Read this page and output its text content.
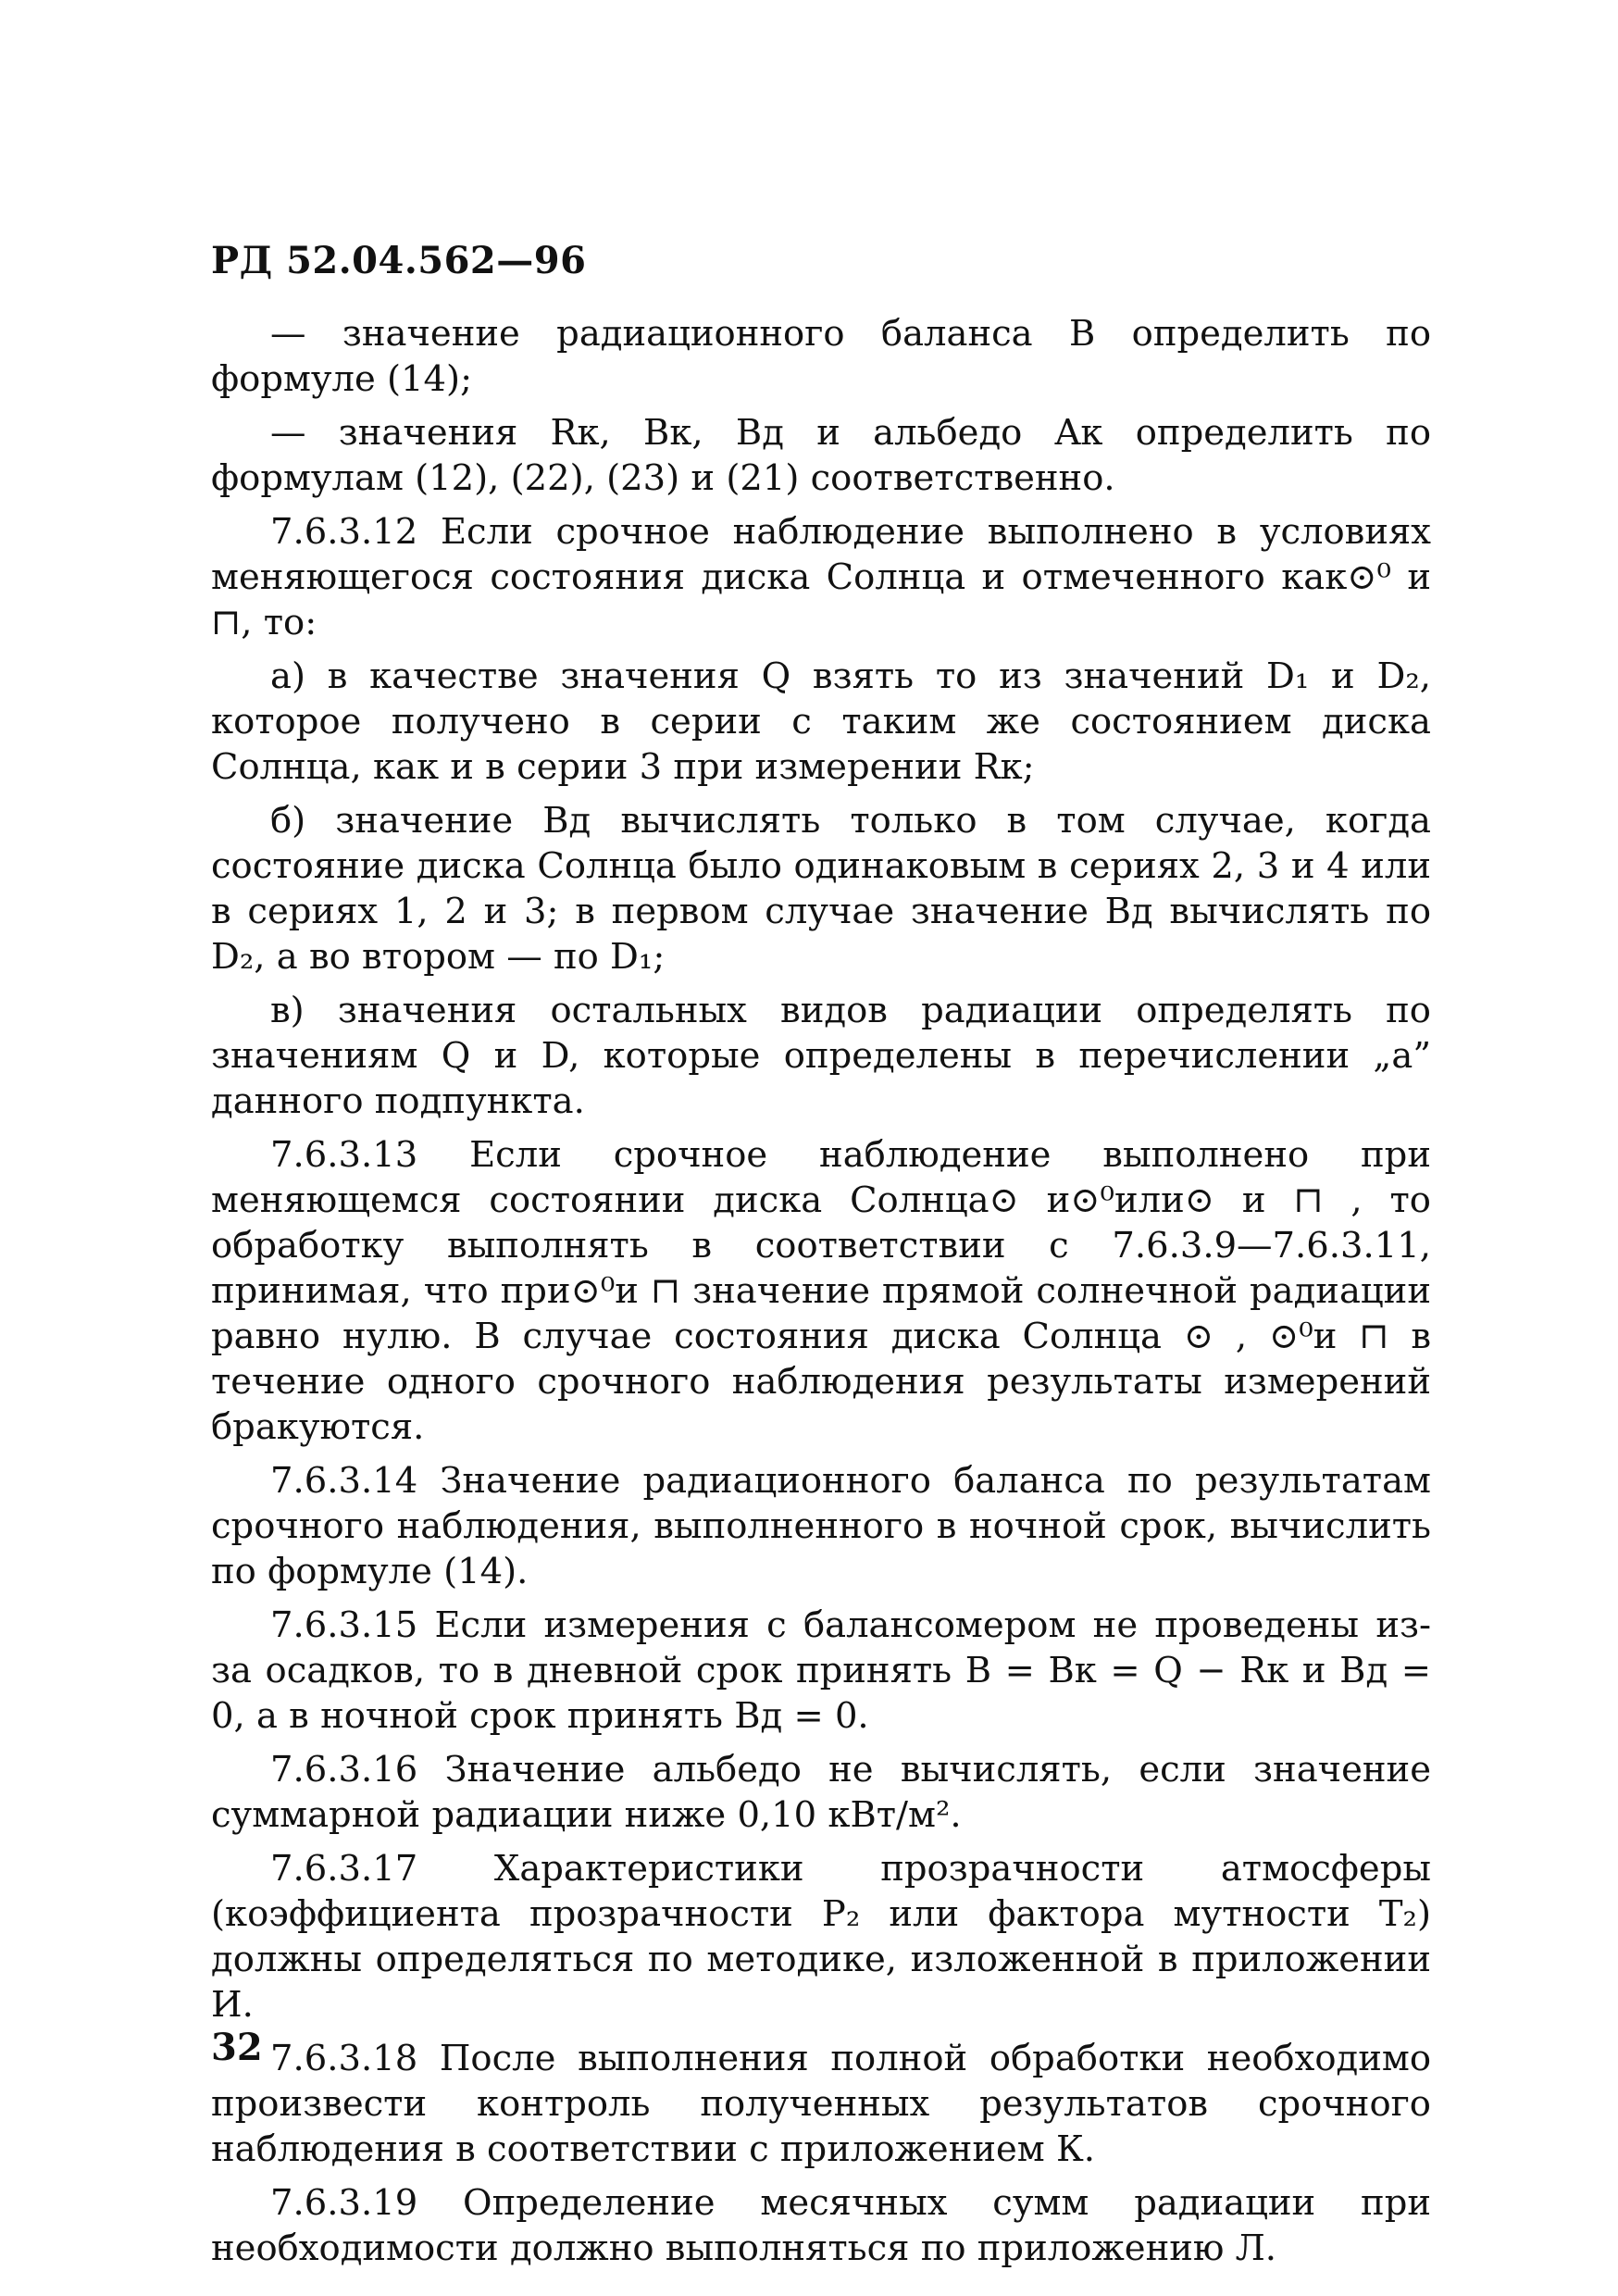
РД 52.04.562—96

— значение радиационного баланса B определить по формуле (14);

— значения Rк, Bк, Bд и альбедо Aк определить по формулам (12), (22), (23) и (21) соответственно.

7.6.3.12 Если срочное наблюдение выполнено в условиях меняющегося состояния диска Солнца и отмеченного как⊙⁰ и ⊓, то:

а) в качестве значения Q взять то из значений D₁ и D₂, которое получено в серии с таким же состоянием диска Солнца, как и в серии 3 при измерении Rк;

б) значение Bд вычислять только в том случае, когда состояние диска Солнца было одинаковым в сериях 2, 3 и 4 или в сериях 1, 2 и 3; в первом случае значение Bд вычислять по D₂, а во втором — по D₁;

в) значения остальных видов радиации определять по значениям Q и D, которые определены в перечислении „а” данного подпункта.

7.6.3.13 Если срочное наблюдение выполнено при меняющемся состоянии диска Солнца⊙ и⊙⁰или⊙ и ⊓ , то обработку выполнять в соответствии с 7.6.3.9—7.6.3.11, принимая, что при⊙⁰и ⊓ значение прямой солнечной радиации равно нулю. В случае состояния диска Солнца ⊙ , ⊙⁰и ⊓ в течение одного срочного наблюдения результаты измерений бракуются.

7.6.3.14 Значение радиационного баланса по результатам срочного наблюдения, выполненного в ночной срок, вычислить по формуле (14).

7.6.3.15 Если измерения с балансомером не проведены из-за осадков, то в дневной срок принять B = Bк = Q − Rк и Bд = 0, а в ночной срок принять Bд = 0.

7.6.3.16 Значение альбедо не вычислять, если значение суммарной радиации ниже 0,10 кВт/м².

7.6.3.17 Характеристики прозрачности атмосферы (коэффициента прозрачности P₂ или фактора мутности T₂) должны определяться по методике, изложенной в приложении И.

7.6.3.18 После выполнения полной обработки необходимо произвести контроль полученных результатов срочного наблюдения в соответствии с приложением К.

7.6.3.19 Определение месячных сумм радиации при необходимости должно выполняться по приложению Л.

32
